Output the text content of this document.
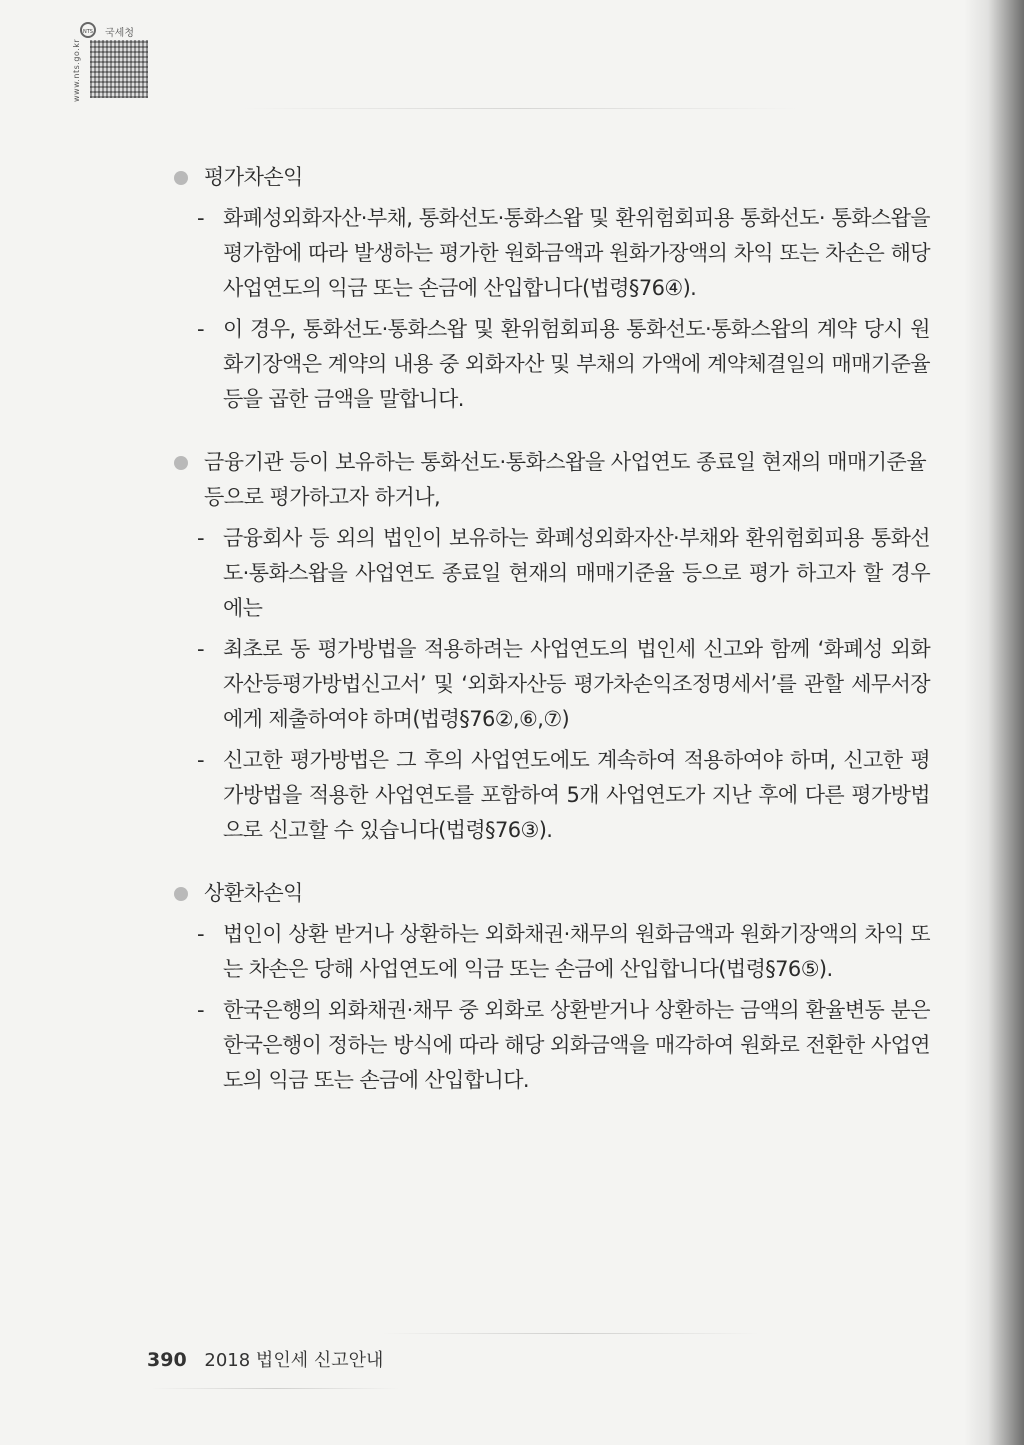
www.nts.go.kr
NTS	국세청
평가차손익
- 화폐성외화자산·부채, 통화선도·통화스왑 및 환위험회피용 통화선도· 통화스왑을 평가함에 따라 발생하는 평가한 원화금액과 원화가장액의 차익 또는 차손은 해당 사업연도의 익금 또는 손금에 산입합니다(법령§76④).
- 이 경우, 통화선도·통화스왑 및 환위험회피용 통화선도·통화스왑의 계약 당시 원화기장액은 계약의 내용 중 외화자산 및 부채의 가액에 계약체결일의 매매기준율 등을 곱한 금액을 말합니다.
금융기관 등이 보유하는 통화선도·통화스왑을 사업연도 종료일 현재의 매매기준율 등으로 평가하고자 하거나,
- 금융회사 등 외의 법인이 보유하는 화폐성외화자산·부채와 환위험회피용 통화선도·통화스왑을 사업연도 종료일 현재의 매매기준율 등으로 평가 하고자 할 경우에는
- 최초로 동 평가방법을 적용하려는 사업연도의 법인세 신고와 함께 ‘화폐성 외화자산등평가방법신고서’ 및 ‘외화자산등 평가차손익조정명세서’를 관할 세무서장에게 제출하여야 하며(법령§76②,⑥,⑦)
- 신고한 평가방법은 그 후의 사업연도에도 계속하여 적용하여야 하며, 신고한 평가방법을 적용한 사업연도를 포함하여 5개 사업연도가 지난 후에 다른 평가방법으로 신고할 수 있습니다(법령§76③).
상환차손익
- 법인이 상환 받거나 상환하는 외화채권·채무의 원화금액과 원화기장액의 차익 또는 차손은 당해 사업연도에 익금 또는 손금에 산입합니다(법령§76⑤).
- 한국은행의 외화채권·채무 중 외화로 상환받거나 상환하는 금액의 환율변동 분은 한국은행이 정하는 방식에 따라 해당 외화금액을 매각하여 원화로 전환한 사업연도의 익금 또는 손금에 산입합니다.
390 2018 법인세 신고안내
